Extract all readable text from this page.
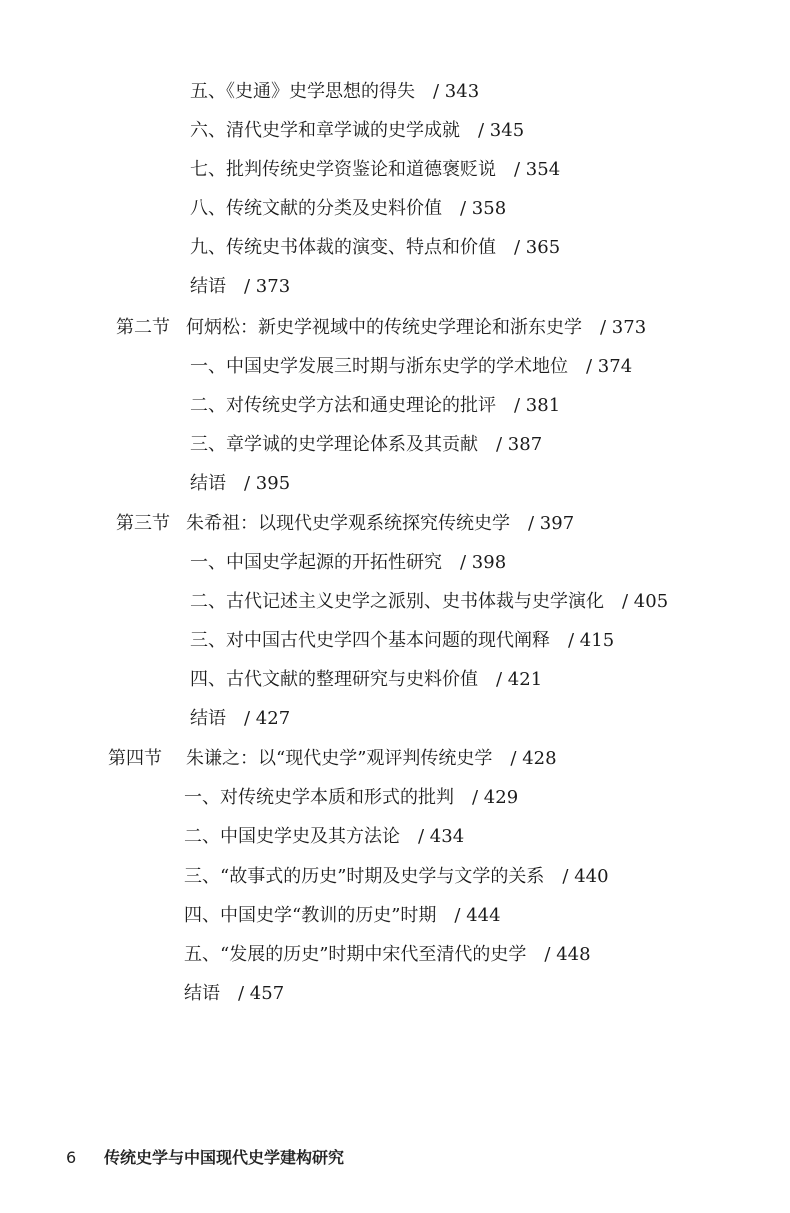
五、《史通》史学思想的得失  / 343
六、清代史学和章学诚的史学成就  / 345
七、批判传统史学资鉴论和道德褒贬说  / 354
八、传统文献的分类及史料价值  / 358
九、传统史书体裁的演变、特点和价值  / 365
结语  / 373
第二节 何炳松：新史学视域中的传统史学理论和浙东史学  / 373
一、中国史学发展三时期与浙东史学的学术地位  / 374
二、对传统史学方法和通史理论的批评  / 381
三、章学诚的史学理论体系及其贡献  / 387
结语  / 395
第三节 朱希祖：以现代史学观系统探究传统史学  / 397
一、中国史学起源的开拓性研究  / 398
二、古代记述主义史学之派别、史书体裁与史学演化  / 405
三、对中国古代史学四个基本问题的现代阐释  / 415
四、古代文献的整理研究与史料价值  / 421
结语  / 427
第四节 朱谦之：以“现代史学”观评判传统史学  / 428
一、对传统史学本质和形式的批判  / 429
二、中国史学史及其方法论  / 434
三、“故事式的历史”时期及史学与文学的关系  / 440
四、中国史学“教训的历史”时期  / 444
五、“发展的历史”时期中宋代至清代的史学  / 448
结语  / 457
6 传统史学与中国现代史学建构研究
